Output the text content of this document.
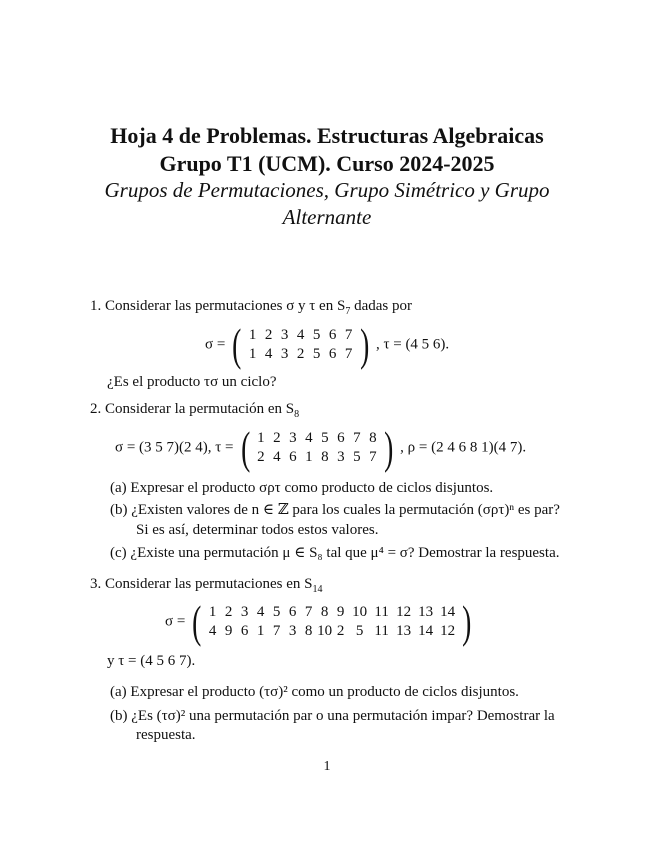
Hoja 4 de Problemas. Estructuras Algebraicas
Grupo T1 (UCM). Curso 2024-2025
Grupos de Permutaciones, Grupo Simétrico y Grupo
Alternante
1. Considerar las permutaciones σ y τ en $S_7$ dadas por
σ = ( 1 2 3 4 5 6 7
1 4 3 2 5 6 7 ) , τ = (4 5 6).
¿Es el producto τσ un ciclo?
2. Considerar la permutación en $S_8$
σ = (3 5 7)(2 4), τ = ( 1 2 3 4 5 6 7 8
2 4 6 1 8 3 5 7 ) , ρ = (2 4 6 8 1)(4 7).
(a) Expresar el producto σρτ como producto de ciclos disjuntos.
(b) ¿Existen valores de n ∈ ℤ para los cuales la permutación (σρτ)ⁿ es par?
Si es así, determinar todos estos valores.
(c) ¿Existe una permutación μ ∈ S₈ tal que μ⁴ = σ? Demostrar la respuesta.
3. Considerar las permutaciones en $S_{14}$
σ = ( 1 2 3 4 5 6 7 8 9 10 11 12 13 14
4 9 6 1 7 3 8 10 2 5 11 13 14 12 )
y τ = (4 5 6 7).
(a) Expresar el producto (τσ)² como un producto de ciclos disjuntos.
(b) ¿Es (τσ)² una permutación par o una permutación impar? Demostrar la
respuesta.
1
